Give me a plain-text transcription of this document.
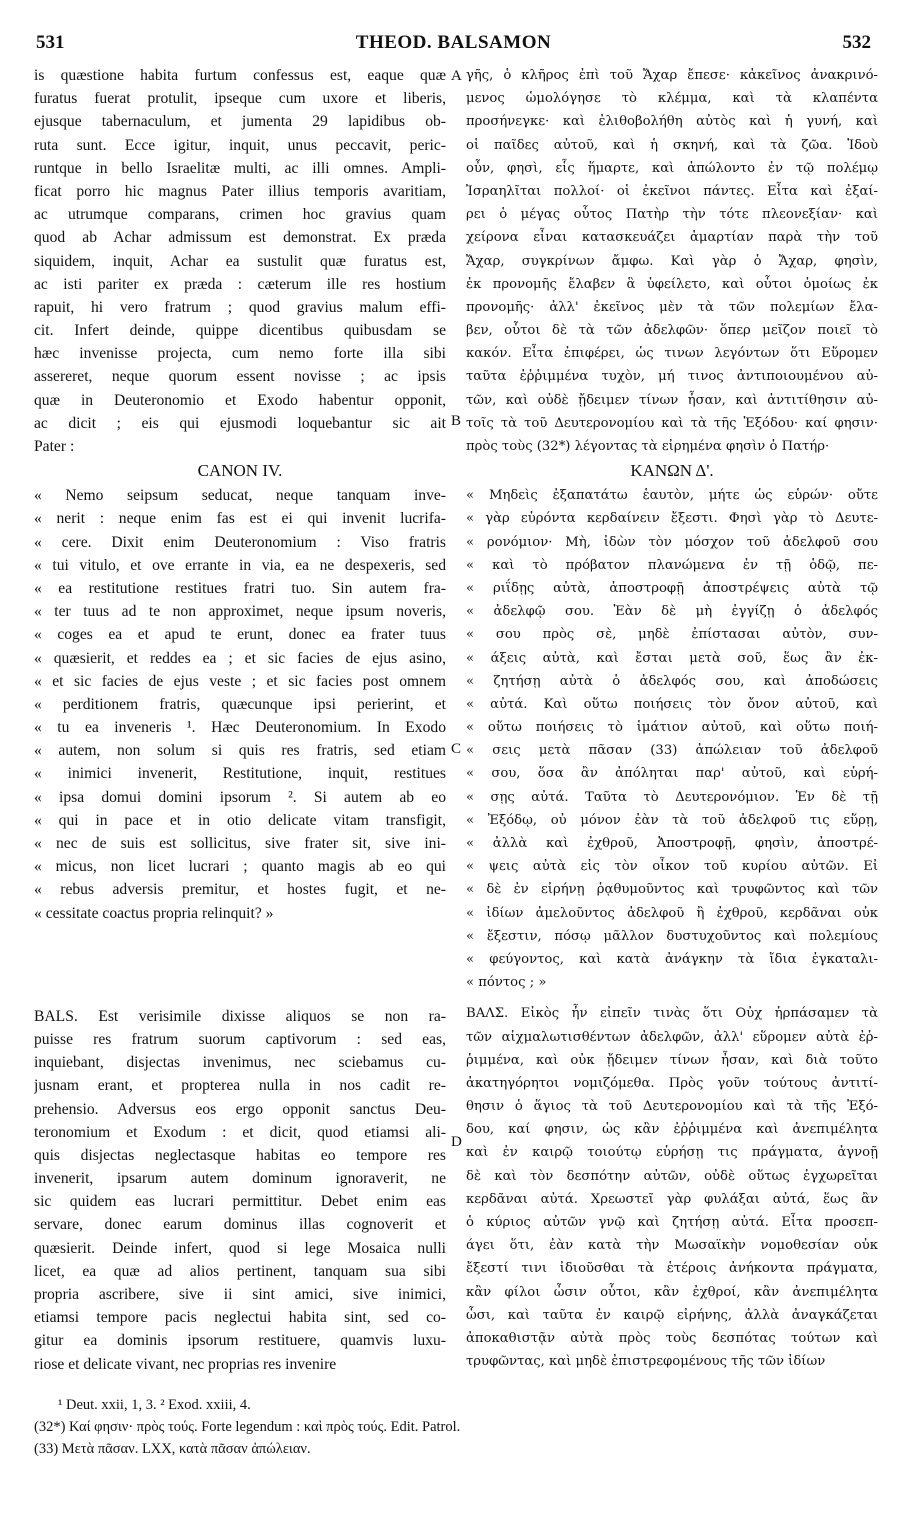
531	THEOD. BALSAMON	532
A
B
C
D
is quæstione habita furtum confessus est, eaque quæ
furatus fuerat protulit, ipseque cum uxore et liberis,
ejusque tabernaculum, et jumenta 29 lapidibus ob-
ruta sunt. Ecce igitur, inquit, unus peccavit, peric-
runtque in bello Israelitæ multi, ac illi omnes. Ampli-
ficat porro hic magnus Pater illius temporis avaritiam,
ac utrumque comparans, crimen hoc gravius quam
quod ab Achar admissum est demonstrat. Ex præda
siquidem, inquit, Achar ea sustulit quæ furatus est,
ac isti pariter ex præda : cæterum ille res hostium
rapuit, hi vero fratrum ; quod gravius malum effi-
cit. Infert deinde, quippe dicentibus quibusdam se
hæc invenisse projecta, cum nemo forte illa sibi
assereret, neque quorum essent novisse ; ac ipsis
quæ in Deuteronomio et Exodo habentur opponit,
ac dicit ; eis qui ejusmodi loquebantur sic ait
Pater :
CANON IV.
« Nemo seipsum seducat, neque tanquam inve-
« nerit : neque enim fas est ei qui invenit lucrifa-
« cere. Dixit enim Deuteronomium : Viso fratris
« tui vitulo, et ove errante in via, ea ne despexeris, sed
« ea restitutione restitues fratri tuo. Sin autem fra-
« ter tuus ad te non approximet, neque ipsum noveris,
« coges ea et apud te erunt, donec ea frater tuus
« quæsierit, et reddes ea ; et sic facies de ejus asino,
« et sic facies de ejus veste ; et sic facies post omnem
« perditionem fratris, quæcunque ipsi perierint, et
« tu ea inveneris ¹. Hæc Deuteronomium. In Exodo
« autem, non solum si quis res fratris, sed etiam
« inimici invenerit, Restitutione, inquit, restitues
« ipsa domui domini ipsorum ². Si autem ab eo
« qui in pace et in otio delicate vitam transfigit,
« nec de suis est sollicitus, sive frater sit, sive ini-
« micus, non licet lucrari ; quanto magis ab eo qui
« rebus adversis premitur, et hostes fugit, et ne-
« cessitate coactus propria relinquit? »
BALS. Est verisimile dixisse aliquos se non ra-
puisse res fratrum suorum captivorum : sed eas,
inquiebant, disjectas invenimus, nec sciebamus cu-
jusnam erant, et propterea nulla in nos cadit re-
prehensio. Adversus eos ergo opponit sanctus Deu-
teronomium et Exodum : et dicit, quod etiamsi ali-
quis disjectas neglectasque habitas eo tempore res
invenerit, ipsarum autem dominum ignoraverit, ne
sic quidem eas lucrari permittitur. Debet enim eas
servare, donec earum dominus illas cognoverit et
quæsierit. Deinde infert, quod si lege Mosaica nulli
licet, ea quæ ad alios pertinent, tanquam sua sibi
propria ascribere, sive ii sint amici, sive inimici,
etiamsi tempore pacis neglectui habita sint, sed co-
gitur ea dominis ipsorum restituere, quamvis luxu-
riose et delicate vivant, nec proprias res invenire
γῆς, ὁ κλῆρος ἐπὶ τοῦ Ἄχαρ ἔπεσε· κἀκεῖνος ἀνακρινό-
μενος ὡμολόγησε τὸ κλέμμα, καὶ τὰ κλαπέντα
προσήνεγκε· καὶ ἐλιθοβολήθη αὐτὸς καὶ ἡ γυνή, καὶ
οἱ παῖδες αὐτοῦ, καὶ ἡ σκηνή, καὶ τὰ ζῶα. Ἰδοὺ
οὖν, φησὶ, εἷς ἥμαρτε, καὶ ἀπώλοντο ἐν τῷ πολέμῳ
Ἰσραηλῖται πολλοί· οἱ ἐκεῖνοι πάντες. Εἶτα καὶ ἐξαί-
ρει ὁ μέγας οὗτος Πατὴρ τὴν τότε πλεονεξίαν· καὶ
χείρονα εἶναι κατασκευάζει ἁμαρτίαν παρὰ τὴν τοῦ
Ἄχαρ, συγκρίνων ἄμφω. Καὶ γὰρ ὁ Ἄχαρ, φησὶν,
ἐκ προνομῆς ἔλαβεν ἃ ὑφείλετο, καὶ οὗτοι ὁμοίως ἐκ
προνομῆς· ἀλλ' ἐκεῖνος μὲν τὰ τῶν πολεμίων ἔλα-
βεν, οὗτοι δὲ τὰ τῶν ἀδελφῶν· ὅπερ μεῖζον ποιεῖ τὸ
κακόν. Εἶτα ἐπιφέρει, ὡς τινων λεγόντων ὅτι Εὕρομεν
ταῦτα ἐῤῥιμμένα τυχὸν, μή τινος ἀντιποιουμένου αὐ-
τῶν, καὶ οὐδὲ ᾔδειμεν τίνων ἦσαν, καὶ ἀντιτίθησιν αὐ-
τοῖς τὰ τοῦ Δευτερονομίου καὶ τὰ τῆς Ἐξόδου· καί φησιν·
πρὸς τοὺς (32*) λέγοντας τὰ εἰρημένα φησὶν ὁ Πατήρ·
ΚΑΝΩΝ Δ'.
« Μηδεὶς ἐξαπατάτω ἑαυτὸν, μήτε ὡς εὑρών· οὔτε
« γὰρ εὑρόντα κερδαίνειν ἔξεστι. Φησὶ γὰρ τὸ Δευτε-
« ρονόμιον· Μὴ, ἰδὼν τὸν μόσχον τοῦ ἀδελφοῦ σου
« καὶ τὸ πρόβατον πλανώμενα ἐν τῇ ὁδῷ, πε-
« ριΐδῃς αὐτὰ, ἀποστροφῇ ἀποστρέψεις αὐτὰ τῷ
« ἀδελφῷ σου. Ἐὰν δὲ μὴ ἐγγίζῃ ὁ ἀδελφός
« σου πρὸς σὲ, μηδὲ ἐπίστασαι αὐτὸν, συν-
« άξεις αὐτὰ, καὶ ἔσται μετὰ σοῦ, ἕως ἂν ἐκ-
« ζητήσῃ αὐτὰ ὁ ἀδελφός σου, καὶ ἀποδώσεις
« αὐτά. Καὶ οὕτω ποιήσεις τὸν ὄνον αὐτοῦ, καὶ
« οὕτω ποιήσεις τὸ ἱμάτιον αὐτοῦ, καὶ οὕτω ποιή-
« σεις μετὰ πᾶσαν (33) ἀπώλειαν τοῦ ἀδελφοῦ
« σου, ὅσα ἂν ἀπόληται παρ' αὐτοῦ, καὶ εὑρή-
« σῃς αὐτά. Ταῦτα τὸ Δευτερονόμιον. Ἐν δὲ τῇ
« Ἐξόδῳ, οὐ μόνον ἐὰν τὰ τοῦ ἀδελφοῦ τις εὕρῃ,
« ἀλλὰ καὶ ἐχθροῦ, Ἀποστροφῇ, φησὶν, ἀποστρέ-
« ψεις αὐτὰ εἰς τὸν οἶκον τοῦ κυρίου αὐτῶν. Εἰ
« δὲ ἐν εἰρήνῃ ῥᾳθυμοῦντος καὶ τρυφῶντος καὶ τῶν
« ἰδίων ἀμελοῦντος ἀδελφοῦ ἢ ἐχθροῦ, κερδᾶναι οὐκ
« ἔξεστιν, πόσῳ μᾶλλον δυστυχοῦντος καὶ πολεμίους
« φεύγοντος, καὶ κατὰ ἀνάγκην τὰ ἴδια ἐγκαταλι-
« πόντος ; »
ΒΑΛΣ. Εἰκὸς ἦν εἰπεῖν τινὰς ὅτι Οὐχ ἡρπάσαμεν τὰ
τῶν αἰχμαλωτισθέντων ἀδελφῶν, ἀλλ' εὕρομεν αὐτὰ ἐῤ-
ῥιμμένα, καὶ οὐκ ᾔδειμεν τίνων ἦσαν, καὶ διὰ τοῦτο
ἀκατηγόρητοι νομιζόμεθα. Πρὸς γοῦν τούτους ἀντιτί-
θησιν ὁ ἅγιος τὰ τοῦ Δευτερονομίου καὶ τὰ τῆς Ἐξό-
δου, καί φησιν, ὡς κἂν ἐῤῥιμμένα καὶ ἀνεπιμέλητα
καὶ ἐν καιρῷ τοιούτῳ εὑρήσῃ τις πράγματα, ἀγνοῇ
δὲ καὶ τὸν δεσπότην αὐτῶν, οὐδὲ οὕτως ἐγχωρεῖται
κερδᾶναι αὐτά. Χρεωστεῖ γὰρ φυλάξαι αὐτά, ἕως ἂν
ὁ κύριος αὐτῶν γνῷ καὶ ζητήσῃ αὐτά. Εἶτα προσεπ-
άγει ὅτι, ἐὰν κατὰ τὴν Μωσαϊκὴν νομοθεσίαν οὐκ
ἔξεστί τινι ἰδιοῦσθαι τὰ ἑτέροις ἀνήκοντα πράγματα,
κἂν φίλοι ὦσιν οὗτοι, κἂν ἐχθροί, κἂν ἀνεπιμέλητα
ὦσι, καὶ ταῦτα ἐν καιρῷ εἰρήνης, ἀλλὰ ἀναγκάζεται
ἀποκαθιστᾷν αὐτὰ πρὸς τοὺς δεσπότας τούτων καὶ
τρυφῶντας, καὶ μηδὲ ἐπιστρεφομένους τῆς τῶν ἰδίων
¹ Deut. xxii, 1, 3. ² Exod. xxiii, 4.
(32*) Καί φησιν· πρὸς τούς. Forte legendum : καὶ πρὸς τούς. Edit. Patrol.
(33) Μετὰ πᾶσαν. LXX, κατὰ πᾶσαν ἀπώλειαν.
